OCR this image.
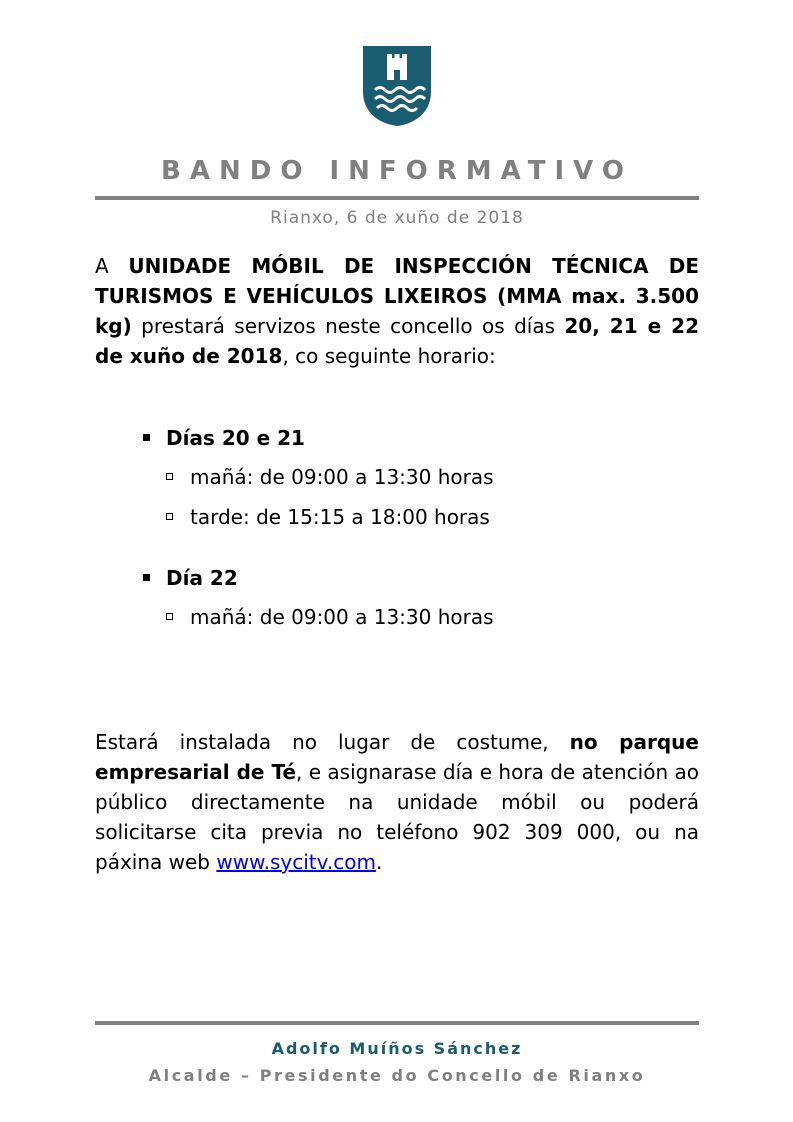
BANDO INFORMATIVO
Rianxo, 6 de xuño de 2018
A UNIDADE MÓBIL DE INSPECCIÓN TÉCNICA DE TURISMOS E VEHÍCULOS LIXEIROS (MMA max. 3.500 kg) prestará servizos neste concello os días 20, 21 e 22 de xuño de 2018, co seguinte horario:
Días 20 e 21
mañá: de 09:00 a 13:30 horas
tarde: de 15:15 a 18:00 horas
Día 22
mañá: de 09:00 a 13:30 horas
Estará instalada no lugar de costume, no parque empresarial de Té, e asignarase día e hora de atención ao público directamente na unidade móbil ou poderá solicitarse cita previa no teléfono 902 309 000, ou na páxina web www.sycitv.com.
Adolfo Muíños Sánchez
Alcalde – Presidente do Concello de Rianxo
